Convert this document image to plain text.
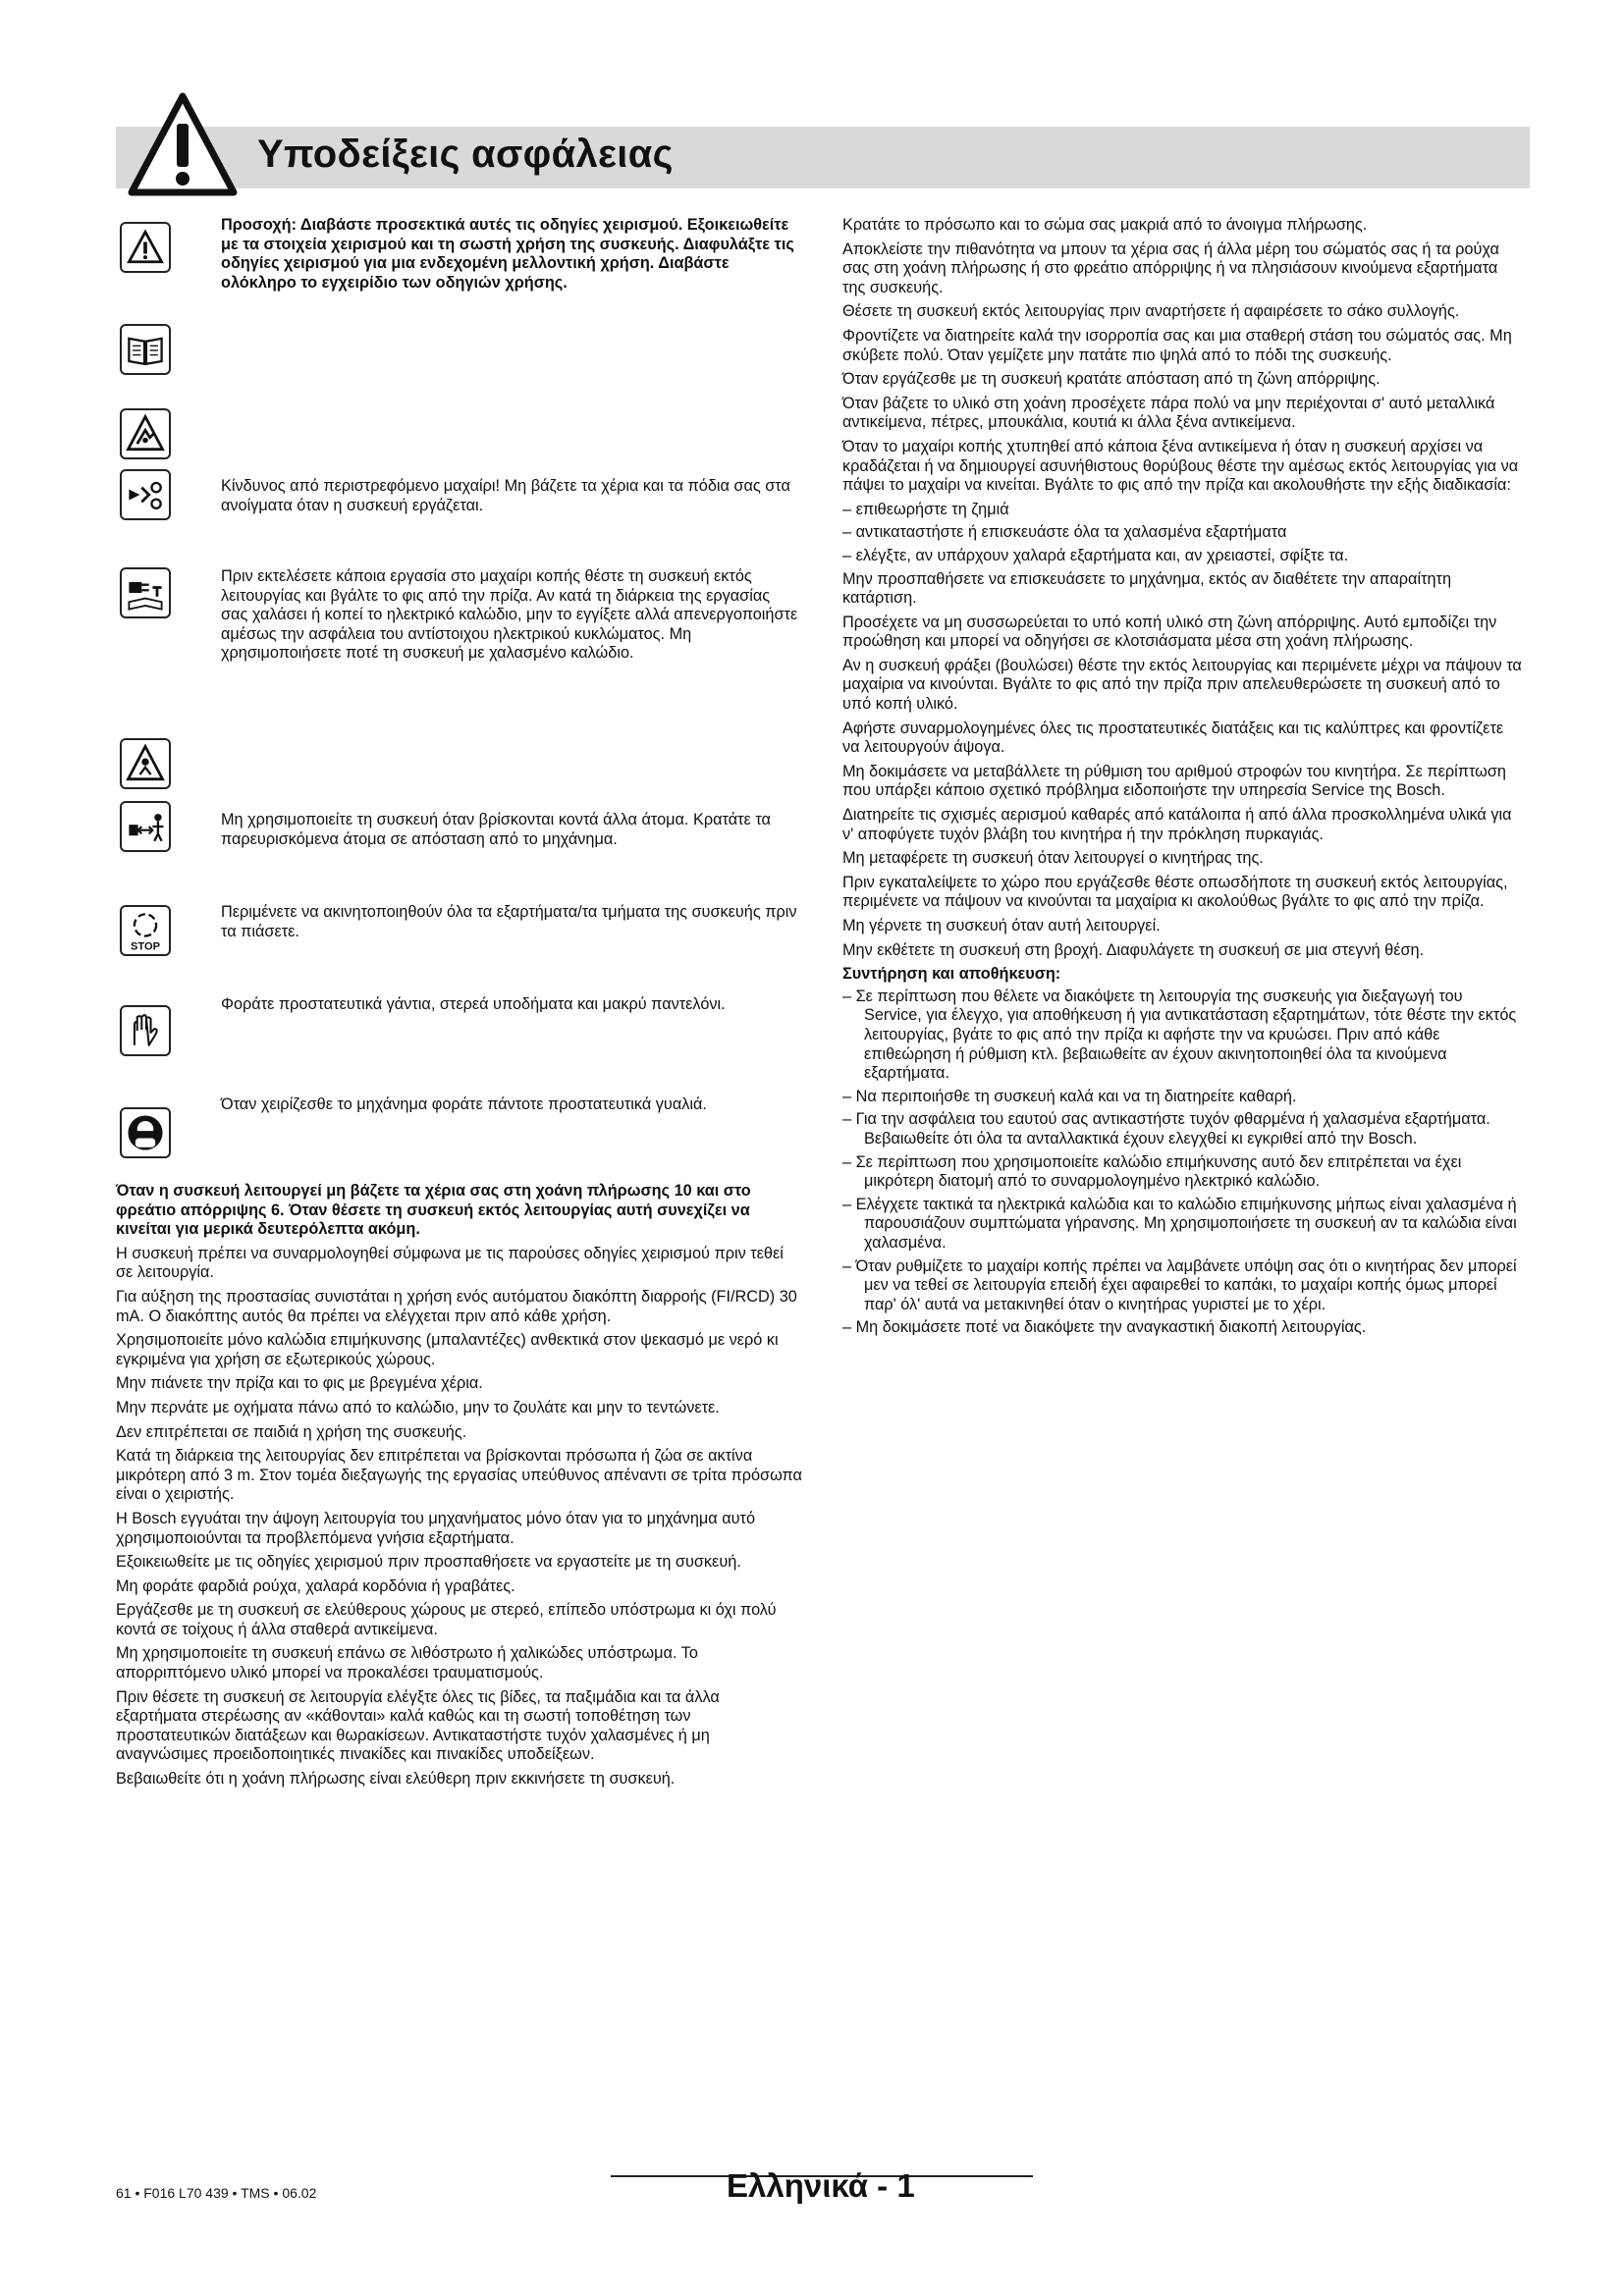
Υποδείξεις ασφάλειας
STOP

Προσοχή: Διαβάστε προσεκτικά αυτές τις οδηγίες χειρισμού. Εξοικειωθείτε με τα στοιχεία χειρισμού και τη σωστή χρήση της συσκευής. Διαφυλάξτε τις οδηγίες χειρισμού για μια ενδεχομένη μελλοντική χρήση. Διαβάστε ολόκληρο το εγχειρίδιο των οδηγιών χρήσης.

Κίνδυνος από περιστρεφόμενο μαχαίρι! Μη βάζετε τα χέρια και τα πόδια σας στα ανοίγματα όταν η συσκευή εργάζεται.

Πριν εκτελέσετε κάποια εργασία στο μαχαίρι κοπής θέστε τη συσκευή εκτός λειτουργίας και βγάλτε το φις από την πρίζα. Αν κατά τη διάρκεια της εργασίας σας χαλάσει ή κοπεί το ηλεκτρικό καλώδιο, μην το εγγίξετε αλλά απενεργοποιήστε αμέσως την ασφάλεια του αντίστοιχου ηλεκτρικού κυκλώματος. Μη χρησιμοποιήσετε ποτέ τη συσκευή με χαλασμένο καλώδιο.

Μη χρησιμοποιείτε τη συσκευή όταν βρίσκονται κοντά άλλα άτομα. Κρατάτε τα παρευρισκόμενα άτομα σε απόσταση από το μηχάνημα.

Περιμένετε να ακινητοποιηθούν όλα τα εξαρτήματα/τα τμήματα της συσκευής πριν τα πιάσετε.

Φοράτε προστατευτικά γάντια, στερεά υποδήματα και μακρύ παντελόνι.

Όταν χειρίζεσθε το μηχάνημα φοράτε πάντοτε προστατευτικά γυαλιά.

Όταν η συσκευή λειτουργεί μη βάζετε τα χέρια σας στη χοάνη πλήρωσης 10 και στο φρεάτιο απόρριψης 6. Όταν θέσετε τη συσκευή εκτός λειτουργίας αυτή συνεχίζει να κινείται για μερικά δευτερόλεπτα ακόμη.

Η συσκευή πρέπει να συναρμολογηθεί σύμφωνα με τις παρούσες οδηγίες χειρισμού πριν τεθεί σε λειτουργία.

Για αύξηση της προστασίας συνιστάται η χρήση ενός αυτόματου διακόπτη διαρροής (FI/RCD) 30 mA. Ο διακόπτης αυτός θα πρέπει να ελέγχεται πριν από κάθε χρήση.

Χρησιμοποιείτε μόνο καλώδια επιμήκυνσης (μπαλαντέζες) ανθεκτικά στον ψεκασμό με νερό κι εγκριμένα για χρήση σε εξωτερικούς χώρους.

Μην πιάνετε την πρίζα και το φις με βρεγμένα χέρια.

Μην περνάτε με οχήματα πάνω από το καλώδιο, μην το ζουλάτε και μην το τεντώνετε.

Δεν επιτρέπεται σε παιδιά η χρήση της συσκευής.

Κατά τη διάρκεια της λειτουργίας δεν επιτρέπεται να βρίσκονται πρόσωπα ή ζώα σε ακτίνα μικρότερη από 3 m. Στον τομέα διεξαγωγής της εργασίας υπεύθυνος απέναντι σε τρίτα πρόσωπα είναι ο χειριστής.

Η Bosch εγγυάται την άψογη λειτουργία του μηχανήματος μόνο όταν για το μηχάνημα αυτό χρησιμοποιούνται τα προβλεπόμενα γνήσια εξαρτήματα.

Εξοικειωθείτε με τις οδηγίες χειρισμού πριν προσπαθήσετε να εργαστείτε με τη συσκευή.

Μη φοράτε φαρδιά ρούχα, χαλαρά κορδόνια ή γραβάτες.

Εργάζεσθε με τη συσκευή σε ελεύθερους χώρους με στερεό, επίπεδο υπόστρωμα κι όχι πολύ κοντά σε τοίχους ή άλλα σταθερά αντικείμενα.

Μη χρησιμοποιείτε τη συσκευή επάνω σε λιθόστρωτο ή χαλικώδες υπόστρωμα. Το απορριπτόμενο υλικό μπορεί να προκαλέσει τραυματισμούς.

Πριν θέσετε τη συσκευή σε λειτουργία ελέγξτε όλες τις βίδες, τα παξιμάδια και τα άλλα εξαρτήματα στερέωσης αν «κάθονται» καλά καθώς και τη σωστή τοποθέτηση των προστατευτικών διατάξεων και θωρακίσεων. Αντικαταστήστε τυχόν χαλασμένες ή μη αναγνώσιμες προειδοποιητικές πινακίδες και πινακίδες υποδείξεων.

Βεβαιωθείτε ότι η χοάνη πλήρωσης είναι ελεύθερη πριν εκκινήσετε τη συσκευή.

Κρατάτε το πρόσωπο και το σώμα σας μακριά από το άνοιγμα πλήρωσης.

Αποκλείστε την πιθανότητα να μπουν τα χέρια σας ή άλλα μέρη του σώματός σας ή τα ρούχα σας στη χοάνη πλήρωσης ή στο φρεάτιο απόρριψης ή να πλησιάσουν κινούμενα εξαρτήματα της συσκευής.

Θέσετε τη συσκευή εκτός λειτουργίας πριν αναρτήσετε ή αφαιρέσετε το σάκο συλλογής.

Φροντίζετε να διατηρείτε καλά την ισορροπία σας και μια σταθερή στάση του σώματός σας. Μη σκύβετε πολύ. Όταν γεμίζετε μην πατάτε πιο ψηλά από το πόδι της συσκευής.

Όταν εργάζεσθε με τη συσκευή κρατάτε απόσταση από τη ζώνη απόρριψης.

Όταν βάζετε το υλικό στη χοάνη προσέχετε πάρα πολύ να μην περιέχονται σ' αυτό μεταλλικά αντικείμενα, πέτρες, μπουκάλια, κουτιά κι άλλα ξένα αντικείμενα.

Όταν το μαχαίρι κοπής χτυπηθεί από κάποια ξένα αντικείμενα ή όταν η συσκευή αρχίσει να κραδάζεται ή να δημιουργεί ασυνήθιστους θορύβους θέστε την αμέσως εκτός λειτουργίας για να πάψει το μαχαίρι να κινείται. Βγάλτε το φις από την πρίζα και ακολουθήστε την εξής διαδικασία:

– επιθεωρήστε τη ζημιά
– αντικαταστήστε ή επισκευάστε όλα τα χαλασμένα εξαρτήματα
– ελέγξτε, αν υπάρχουν χαλαρά εξαρτήματα και, αν χρειαστεί, σφίξτε τα.

Μην προσπαθήσετε να επισκευάσετε το μηχάνημα, εκτός αν διαθέτετε την απαραίτητη κατάρτιση.

Προσέχετε να μη συσσωρεύεται το υπό κοπή υλικό στη ζώνη απόρριψης. Αυτό εμποδίζει την προώθηση και μπορεί να οδηγήσει σε κλοτσιάσματα μέσα στη χοάνη πλήρωσης.

Αν η συσκευή φράξει (βουλώσει) θέστε την εκτός λειτουργίας και περιμένετε μέχρι να πάψουν τα μαχαίρια να κινούνται. Βγάλτε το φις από την πρίζα πριν απελευθερώσετε τη συσκευή από το υπό κοπή υλικό.

Αφήστε συναρμολογημένες όλες τις προστατευτικές διατάξεις και τις καλύπτρες και φροντίζετε να λειτουργούν άψογα.

Μη δοκιμάσετε να μεταβάλλετε τη ρύθμιση του αριθμού στροφών του κινητήρα. Σε περίπτωση που υπάρξει κάποιο σχετικό πρόβλημα ειδοποιήστε την υπηρεσία Service της Bosch.

Διατηρείτε τις σχισμές αερισμού καθαρές από κατάλοιπα ή από άλλα προσκολλημένα υλικά για ν' αποφύγετε τυχόν βλάβη του κινητήρα ή την πρόκληση πυρκαγιάς.

Μη μεταφέρετε τη συσκευή όταν λειτουργεί ο κινητήρας της.

Πριν εγκαταλείψετε το χώρο που εργάζεσθε θέστε οπωσδήποτε τη συσκευή εκτός λειτουργίας, περιμένετε να πάψουν να κινούνται τα μαχαίρια κι ακολούθως βγάλτε το φις από την πρίζα.

Μη γέρνετε τη συσκευή όταν αυτή λειτουργεί.

Μην εκθέτετε τη συσκευή στη βροχή. Διαφυλάγετε τη συσκευή σε μια στεγνή θέση.

Συντήρηση και αποθήκευση:

– Σε περίπτωση που θέλετε να διακόψετε τη λειτουργία της συσκευής για διεξαγωγή του Service, για έλεγχο, για αποθήκευση ή για αντικατάσταση εξαρτημάτων, τότε θέστε την εκτός λειτουργίας, βγάτε το φις από την πρίζα κι αφήστε την να κρυώσει. Πριν από κάθε επιθεώρηση ή ρύθμιση κτλ. βεβαιωθείτε αν έχουν ακινητοποιηθεί όλα τα κινούμενα εξαρτήματα.
– Να περιποιήσθε τη συσκευή καλά και να τη διατηρείτε καθαρή.
– Για την ασφάλεια του εαυτού σας αντικαστήστε τυχόν φθαρμένα ή χαλασμένα εξαρτήματα. Βεβαιωθείτε ότι όλα τα ανταλλακτικά έχουν ελεγχθεί κι εγκριθεί από την Bosch.
– Σε περίπτωση που χρησιμοποιείτε καλώδιο επιμήκυνσης αυτό δεν επιτρέπεται να έχει μικρότερη διατομή από το συναρμολογημένο ηλεκτρικό καλώδιο.
– Ελέγχετε τακτικά τα ηλεκτρικά καλώδια και το καλώδιο επιμήκυνσης μήπως είναι χαλασμένα ή παρουσιάζουν συμπτώματα γήρανσης. Μη χρησιμοποιήσετε τη συσκευή αν τα καλώδια είναι χαλασμένα.
– Όταν ρυθμίζετε το μαχαίρι κοπής πρέπει να λαμβάνετε υπόψη σας ότι ο κινητήρας δεν μπορεί μεν να τεθεί σε λειτουργία επειδή έχει αφαιρεθεί το καπάκι, το μαχαίρι κοπής όμως μπορεί παρ' όλ' αυτά να μετακινηθεί όταν ο κινητήρας γυριστεί με το χέρι.
– Μη δοκιμάσετε ποτέ να διακόψετε την αναγκαστική διακοπή λειτουργίας.
61 • F016 L70 439 • TMS • 06.02	Ελληνικά - 1
